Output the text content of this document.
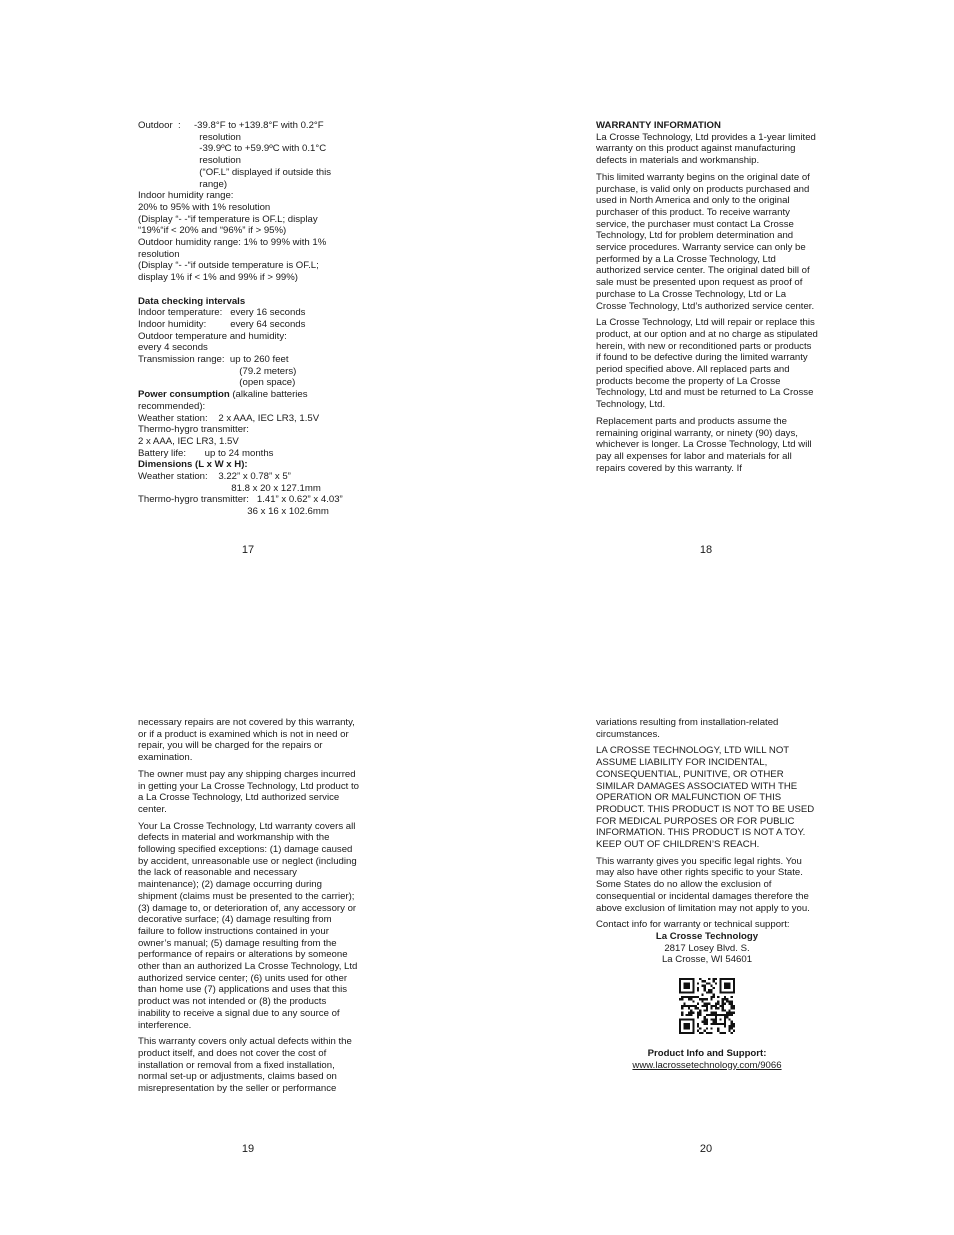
Outdoor  :     -39.8°F to +139.8°F with 0.2°F
resolution
-39.9ºC to +59.9ºC with 0.1°C
resolution
(“OF.L” displayed if outside this
range)
Indoor humidity range:
20% to 95% with 1% resolution
(Display “- -“if temperature is OF.L; display
“19%“if < 20% and “96%” if > 95%)
Outdoor humidity range: 1% to 99% with 1%
resolution
(Display “- -“if outside temperature is OF.L;
display 1% if < 1% and 99% if > 99%)
Data checking intervals
Indoor temperature:   every 16 seconds
Indoor humidity:         every 64 seconds
Outdoor temperature and humidity:
every 4 seconds
Transmission range:  up to 260 feet
(79.2 meters)
(open space)
Power consumption (alkaline batteries
recommended):
Weather station:    2 x AAA, IEC LR3, 1.5V
Thermo-hygro transmitter:
2 x AAA, IEC LR3, 1.5V
Battery life:       up to 24 months
Dimensions (L x W x H):
Weather station:    3.22” x 0.78” x 5”
81.8 x 20 x 127.1mm
Thermo-hygro transmitter:   1.41” x 0.62” x 4.03”
36 x 16 x 102.6mm
17
WARRANTY INFORMATION
La Crosse Technology, Ltd provides a 1-year limited warranty on this product against manufacturing defects in materials and workmanship.
This limited warranty begins on the original date of purchase, is valid only on products purchased and used in North America and only to the original purchaser of this product. To receive warranty service, the purchaser must contact La Crosse Technology, Ltd for problem determination and service procedures. Warranty service can only be performed by a La Crosse Technology, Ltd authorized service center. The original dated bill of sale must be presented upon request as proof of purchase to La Crosse Technology, Ltd or La Crosse Technology, Ltd’s authorized service center.
La Crosse Technology, Ltd will repair or replace this product, at our option and at no charge as stipulated herein, with new or reconditioned parts or products if found to be defective during the limited warranty period specified above. All replaced parts and products become the property of La Crosse Technology, Ltd and must be returned to La Crosse Technology, Ltd.
Replacement parts and products assume the remaining original warranty, or ninety (90) days, whichever is longer. La Crosse Technology, Ltd will pay all expenses for labor and materials for all repairs covered by this warranty. If
18
necessary repairs are not covered by this warranty, or if a product is examined which is not in need or repair, you will be charged for the repairs or examination.
The owner must pay any shipping charges incurred in getting your La Crosse Technology, Ltd product to a La Crosse Technology, Ltd authorized service center.
Your La Crosse Technology, Ltd warranty covers all defects in material and workmanship with the following specified exceptions: (1) damage caused by accident, unreasonable use or neglect (including the lack of reasonable and necessary maintenance); (2) damage occurring during shipment (claims must be presented to the carrier); (3) damage to, or deterioration of, any accessory or decorative surface; (4) damage resulting from failure to follow instructions contained in your owner’s manual; (5) damage resulting from the performance of repairs or alterations by someone other than an authorized La Crosse Technology, Ltd authorized service center; (6) units used for other than home use (7) applications and uses that this product was not intended or (8) the products inability to receive a signal due to any source of interference.
This warranty covers only actual defects within the product itself, and does not cover the cost of installation or removal from a fixed installation, normal set-up or adjustments, claims based on misrepresentation by the seller or performance
19
variations resulting from installation-related circumstances.
LA CROSSE TECHNOLOGY, LTD WILL NOT ASSUME LIABILITY FOR INCIDENTAL, CONSEQUENTIAL, PUNITIVE, OR OTHER SIMILAR DAMAGES ASSOCIATED WITH THE OPERATION OR MALFUNCTION OF THIS PRODUCT. THIS PRODUCT IS NOT TO BE USED FOR MEDICAL PURPOSES OR FOR PUBLIC INFORMATION. THIS PRODUCT IS NOT A TOY. KEEP OUT OF CHILDREN’S REACH.
This warranty gives you specific legal rights. You may also have other rights specific to your State. Some States do no allow the exclusion of consequential or incidental damages therefore the above exclusion of limitation may not apply to you.
Contact info for warranty or technical support:
La Crosse Technology
2817 Losey Blvd. S.
La Crosse, WI 54601
Product Info and Support:
www.lacrossetechnology.com/9066
20
